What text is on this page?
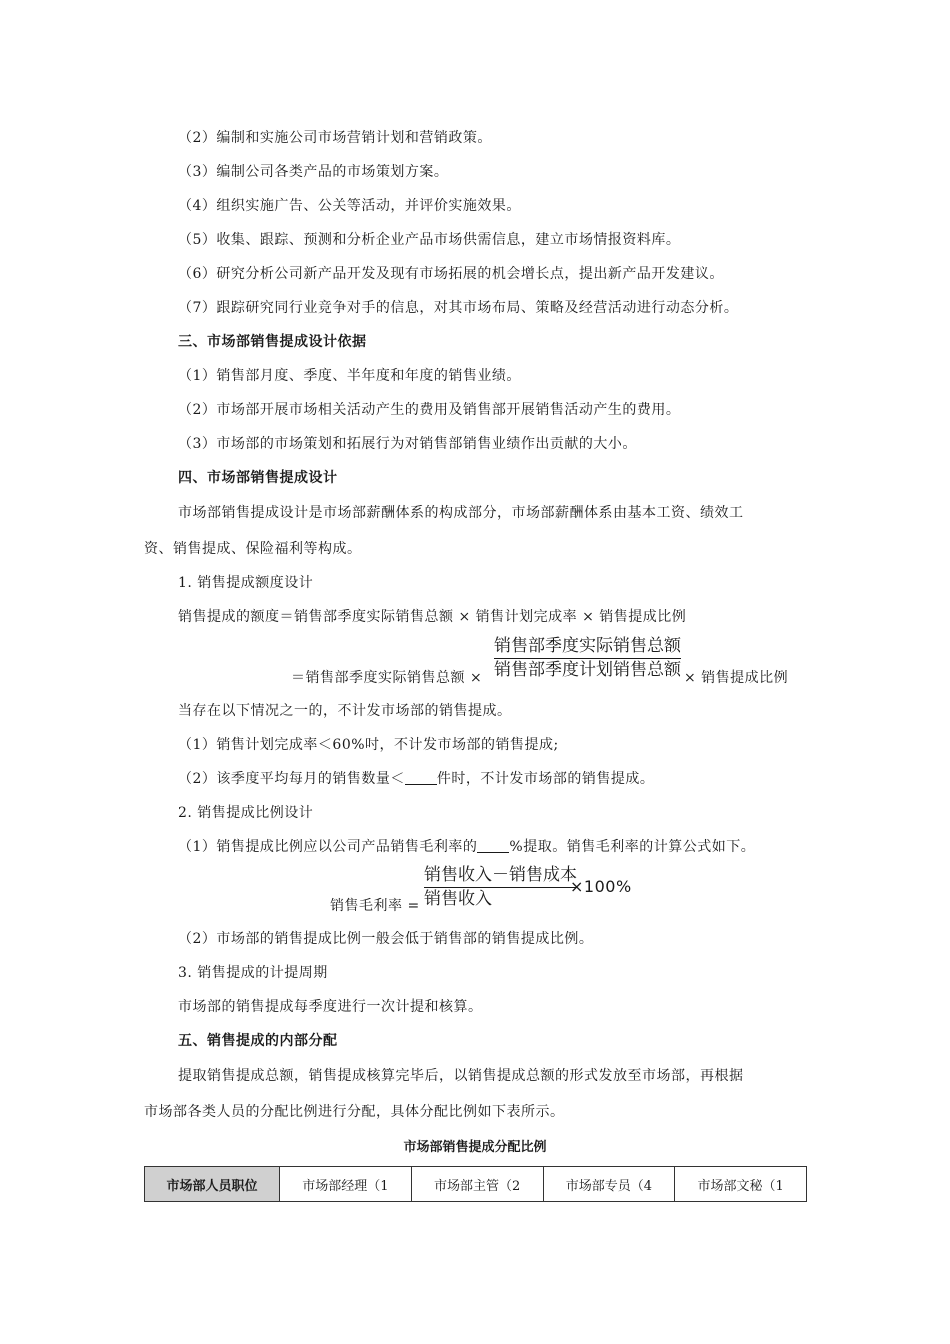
（2）编制和实施公司市场营销计划和营销政策。
（3）编制公司各类产品的市场策划方案。
（4）组织实施广告、公关等活动，并评价实施效果。
（5）收集、跟踪、预测和分析企业产品市场供需信息，建立市场情报资料库。
（6）研究分析公司新产品开发及现有市场拓展的机会增长点，提出新产品开发建议。
（7）跟踪研究同行业竞争对手的信息，对其市场布局、策略及经营活动进行动态分析。
三、市场部销售提成设计依据
（1）销售部月度、季度、半年度和年度的销售业绩。
（2）市场部开展市场相关活动产生的费用及销售部开展销售活动产生的费用。
（3）市场部的市场策划和拓展行为对销售部销售业绩作出贡献的大小。
四、市场部销售提成设计
市场部销售提成设计是市场部薪酬体系的构成部分，市场部薪酬体系由基本工资、绩效工
资、销售提成、保险福利等构成。
1. 销售提成额度设计
销售提成的额度＝销售部季度实际销售总额 × 销售计划完成率 × 销售提成比例
＝销售部季度实际销售总额 ×
销售部季度实际销售总额
销售部季度计划销售总额 × 销售提成比例
当存在以下情况之一的，不计发市场部的销售提成。
（1）销售计划完成率＜60%吋，不计发市场部的销售提成;
（2）该季度平均每月的销售数量＜ 件时，不计发市场部的销售提成。
2. 销售提成比例设计
（1）销售提成比例应以公司产品销售毛利率的 %提取。销售毛利率的计算公式如下。
销售毛利率 =
销售收入－销售成本
销售收入
×100%
（2）市场部的销售提成比例一般会低于销售部的销售提成比例。
3. 销售提成的计提周期
市场部的销售提成每季度进行一次计提和核算。
五、销售提成的内部分配
提取销售提成总额，销售提成核算完毕后，以销售提成总额的形式发放至市场部，再根据
市场部各类人员的分配比例进行分配，具体分配比例如下表所示。
市场部销售提成分配比例
市场部人员职位	市场部经理（1	市场部主管（2	市场部专员（4	市场部文秘（1
